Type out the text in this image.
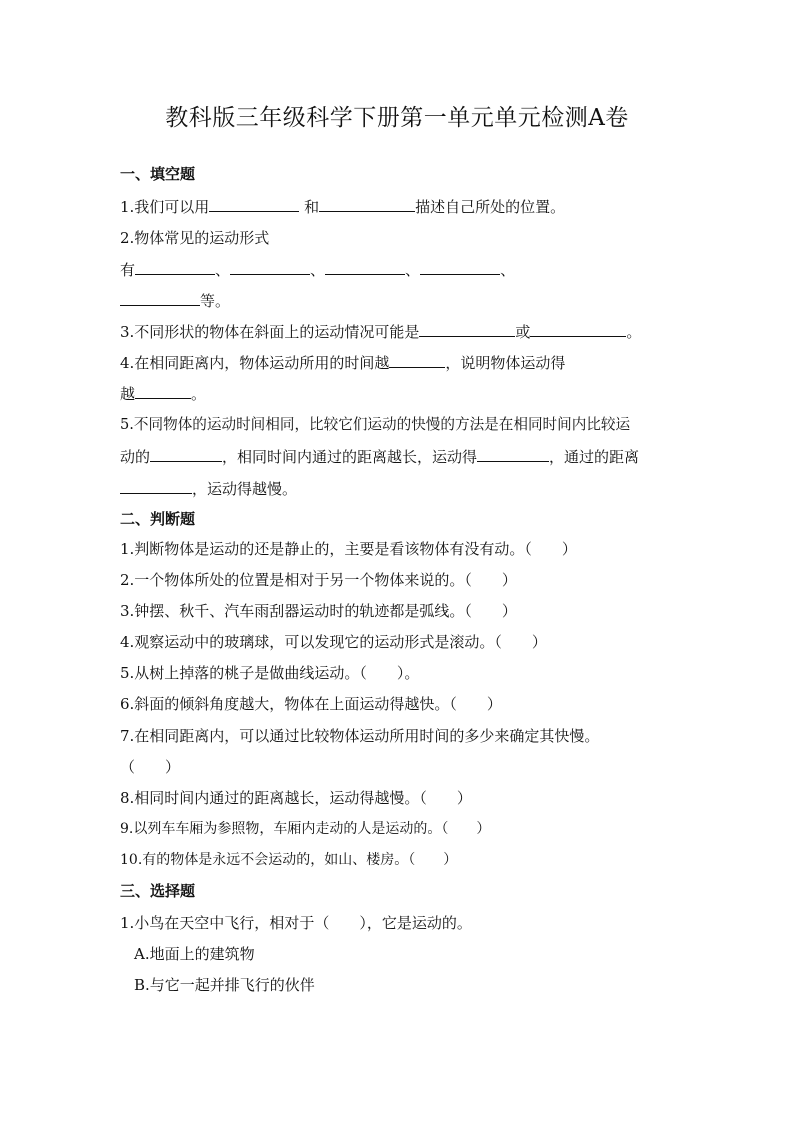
教科版三年级科学下册第一单元单元检测A卷
一、填空题
1.我们可以用	和	描述自己所处的位置。
2.物体常见的运动形式
有	、	、	、	、
等。
3.不同形状的物体在斜面上的运动情况可能是	或	。
4.在相同距离内，物体运动所用的时间越	，说明物体运动得
越	。
5.不同物体的运动时间相同，比较它们运动的快慢的方法是在相同时间内比较运
动的	，相同时间内通过的距离越长，运动得	，通过的距离
，运动得越慢。
二、判断题
1.判断物体是运动的还是静止的，主要是看该物体有没有动。（　　）
2.一个物体所处的位置是相对于另一个物体来说的。（　　）
3.钟摆、秋千、汽车雨刮器运动时的轨迹都是弧线。（　　）
4.观察运动中的玻璃球，可以发现它的运动形式是滚动。（　　）
5.从树上掉落的桃子是做曲线运动。（　　）。
6.斜面的倾斜角度越大，物体在上面运动得越快。（　　）
7.在相同距离内，可以通过比较物体运动所用时间的多少来确定其快慢。
（　　）
8.相同时间内通过的距离越长，运动得越慢。（　　）
9.以列车车厢为参照物，车厢内走动的人是运动的。（　　）
10.有的物体是永远不会运动的，如山、楼房。（　　）
三、选择题
1.小鸟在天空中飞行，相对于（　　），它是运动的。
A.地面上的建筑物
B.与它一起并排飞行的伙伴
